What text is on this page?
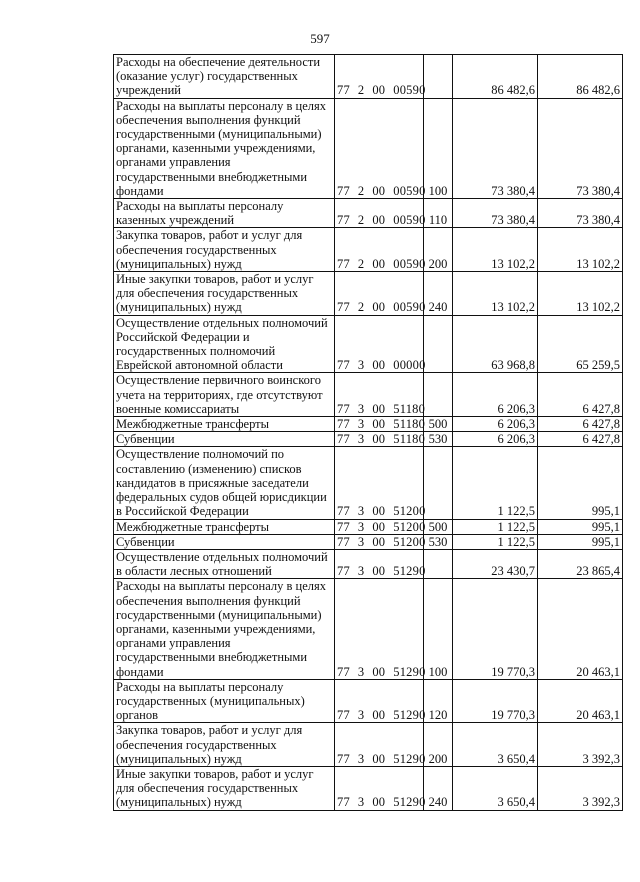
597
Расходы на обеспечение деятельности (оказание услуг) государственных учреждений	77 2 00 00590		86 482,6	86 482,6
Расходы на выплаты персоналу в целях обеспечения выполнения функций государственными (муниципальными) органами, казенными учреждениями, органами управления государственными внебюджетными фондами	77 2 00 00590	100	73 380,4	73 380,4
Расходы на выплаты персоналу казенных учреждений	77 2 00 00590	110	73 380,4	73 380,4
Закупка товаров, работ и услуг для обеспечения государственных (муниципальных) нужд	77 2 00 00590	200	13 102,2	13 102,2
Иные закупки товаров, работ и услуг для обеспечения государственных (муниципальных) нужд	77 2 00 00590	240	13 102,2	13 102,2
Осуществление отдельных полномочий Российской Федерации и государственных полномочий Еврейской автономной области	77 3 00 00000		63 968,8	65 259,5
Осуществление первичного воинского учета на территориях, где отсутствуют военные комиссариаты	77 3 00 51180		6 206,3	6 427,8
Межбюджетные трансферты	77 3 00 51180	500	6 206,3	6 427,8
Субвенции	77 3 00 51180	530	6 206,3	6 427,8
Осуществление полномочий по составлению (изменению) списков кандидатов в присяжные заседатели федеральных судов общей юрисдикции в Российской Федерации	77 3 00 51200		1 122,5	995,1
Межбюджетные трансферты	77 3 00 51200	500	1 122,5	995,1
Субвенции	77 3 00 51200	530	1 122,5	995,1
Осуществление отдельных полномочий в области лесных отношений	77 3 00 51290		23 430,7	23 865,4
Расходы на выплаты персоналу в целях обеспечения выполнения функций государственными (муниципальными) органами, казенными учреждениями, органами управления государственными внебюджетными фондами	77 3 00 51290	100	19 770,3	20 463,1
Расходы на выплаты персоналу государственных (муниципальных) органов	77 3 00 51290	120	19 770,3	20 463,1
Закупка товаров, работ и услуг для обеспечения государственных (муниципальных) нужд	77 3 00 51290	200	3 650,4	3 392,3
Иные закупки товаров, работ и услуг для обеспечения государственных (муниципальных) нужд	77 3 00 51290	240	3 650,4	3 392,3
